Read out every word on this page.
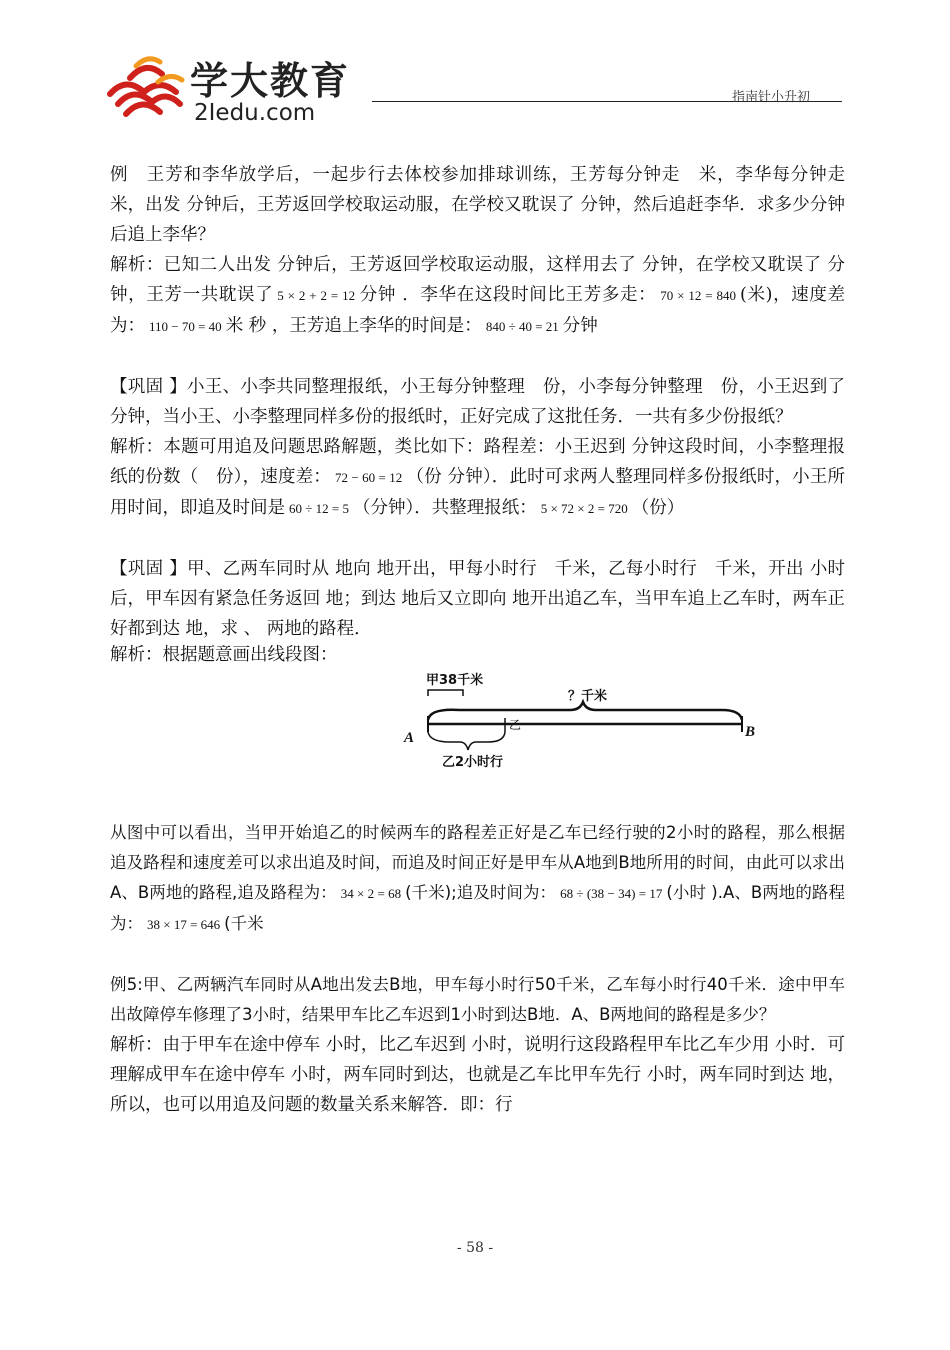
学大教育
2Iedu.com
指南针小升初

例　王芳和李华放学后，一起步行去体校参加排球训练，王芳每分钟走　米，李华每分钟走　米，出发 分钟后，王芳返回学校取运动服，在学校又耽误了 分钟，然后追赶李华．求多少分钟后追上李华？

解析：已知二人出发 分钟后，王芳返回学校取运动服，这样用去了 分钟，在学校又耽误了 分钟，王芳一共耽误了 5 × 2 + 2 = 12 分钟 ．李华在这段时间比王芳多走： 70 × 12 = 840 (米)，速度差为： 110 − 70 = 40 米 秒 ，王芳追上李华的时间是： 840 ÷ 40 = 21 分钟

【巩固 】小王、小李共同整理报纸，小王每分钟整理　份，小李每分钟整理　份，小王迟到了 分钟，当小王、小李整理同样多份的报纸时，正好完成了这批任务．一共有多少份报纸？

解析：本题可用追及问题思路解题，类比如下：路程差：小王迟到 分钟这段时间，小李整理报纸的份数（　份），速度差： 72 − 60 = 12 （份 分钟）．此时可求两人整理同样多份报纸时，小王所用时间，即追及时间是 60 ÷ 12 = 5 （分钟）．共整理报纸： 5 × 72 × 2 = 720 （份）

【巩固 】甲、乙两车同时从 地向 地开出，甲每小时行　千米，乙每小时行　千米，开出 小时后，甲车因有紧急任务返回 地；到达 地后又立即向 地开出追乙车，当甲车追上乙车时，两车正好都到达 地，求 、 两地的路程．

解析：根据题意画出线段图：

甲38千米
？千米
A
乙	B
乙2小时行

从图中可以看出，当甲开始追乙的时候两车的路程差正好是乙车已经行驶的2小时的路程，那么根据追及路程和速度差可以求出追及时间，而追及时间正好是甲车从A地到B地所用的时间，由此可以求出A、B两地的路程,追及路程为： 34 × 2 = 68 (千米);追及时间为： 68 ÷ (38 − 34) = 17 (小时 ).A、B两地的路程为： 38 × 17 = 646 (千米

例5:甲、乙两辆汽车同时从A地出发去B地，甲车每小时行50千米，乙车每小时行40千米．途中甲车出故障停车修理了3小时，结果甲车比乙车迟到1小时到达B地．A、B两地间的路程是多少？

解析：由于甲车在途中停车 小时，比乙车迟到 小时，说明行这段路程甲车比乙车少用 小时．可理解成甲车在途中停车 小时，两车同时到达，也就是乙车比甲车先行 小时，两车同时到达 地，所以，也可以用追及问题的数量关系来解答．即：行

- 58 -
